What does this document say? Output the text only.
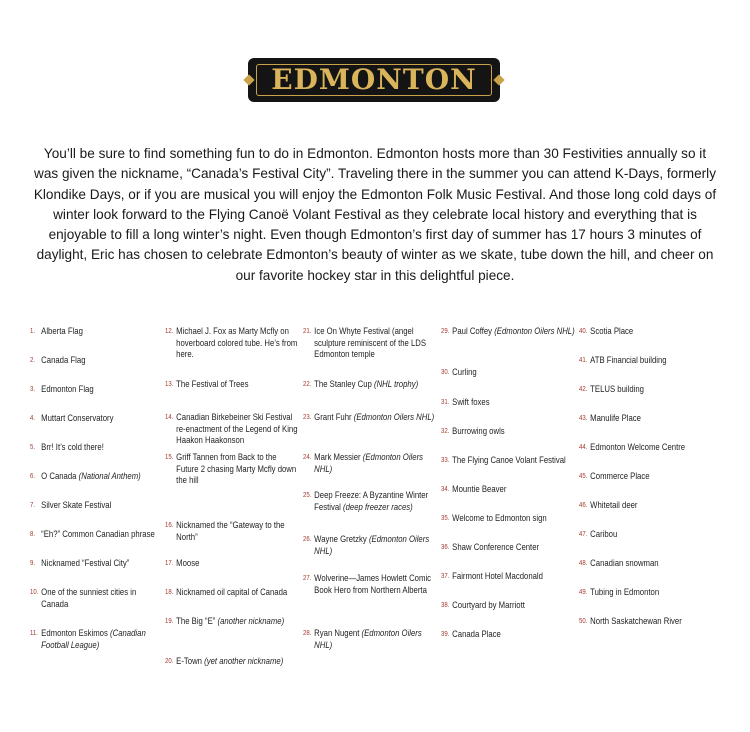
EDMONTON
You’ll be sure to find something fun to do in Edmonton. Edmonton hosts more than 30 Festivities annually so it was given the nickname, “Canada’s Festival City”. Traveling there in the summer you can attend K-Days, formerly Klondike Days, or if you are musical you will enjoy the Edmonton Folk Music Festival. And those long cold days of winter look forward to the Flying Canoë Volant Festival as they celebrate local history and everything that is enjoyable to fill a long winter’s night. Even though Edmonton’s first day of summer has 17 hours 3 minutes of daylight, Eric has chosen to celebrate Edmonton’s beauty of winter as we skate, tube down the hill, and cheer on our favorite hockey star in this delightful piece.
1. Alberta Flag
2. Canada Flag
3. Edmonton Flag
4. Muttart Conservatory
5. Brr! It’s cold there!
6. O Canada (National Anthem)
7. Silver Skate Festival
8. “Eh?” Common Canadian phrase
9. Nicknamed “Festival City”
10. One of the sunniest cities in Canada
11. Edmonton Eskimos (Canadian Football League)
12. Michael J. Fox as Marty Mcfly on hoverboard colored tube. He’s from here.
13. The Festival of Trees
14. Canadian Birkebeiner Ski Festival re-enactment of the Legend of King Haakon Haakonson
15. Griff Tannen from Back to the Future 2 chasing Marty Mcfly down the hill
16. Nicknamed the “Gateway to the North”
17. Moose
18. Nicknamed oil capital of Canada
19. The Big “E” (another nickname)
20. E-Town (yet another nickname)
21. Ice On Whyte Festival (angel sculpture reminiscent of the LDS Edmonton temple
22. The Stanley Cup (NHL trophy)
23. Grant Fuhr (Edmonton Oilers NHL)
24. Mark Messier (Edmonton Oilers NHL)
25. Deep Freeze: A Byzantine Winter Festival (deep freezer races)
26. Wayne Gretzky (Edmonton Oilers NHL)
27. Wolverine—James Howlett Comic Book Hero from Northern Alberta
28. Ryan Nugent (Edmonton Oilers NHL)
29. Paul Coffey (Edmonton Oilers NHL)
30. Curling
31. Swift foxes
32. Burrowing owls
33. The Flying Canoe Volant Festival
34. Mountie Beaver
35. Welcome to Edmonton sign
36. Shaw Conference Center
37. Fairmont Hotel Macdonald
38. Courtyard by Marriott
39. Canada Place
40. Scotia Place
41. ATB Financial building
42. TELUS building
43. Manulife Place
44. Edmonton Welcome Centre
45. Commerce Place
46. Whitetail deer
47. Caribou
48. Canadian snowman
49. Tubing in Edmonton
50. North Saskatchewan River
